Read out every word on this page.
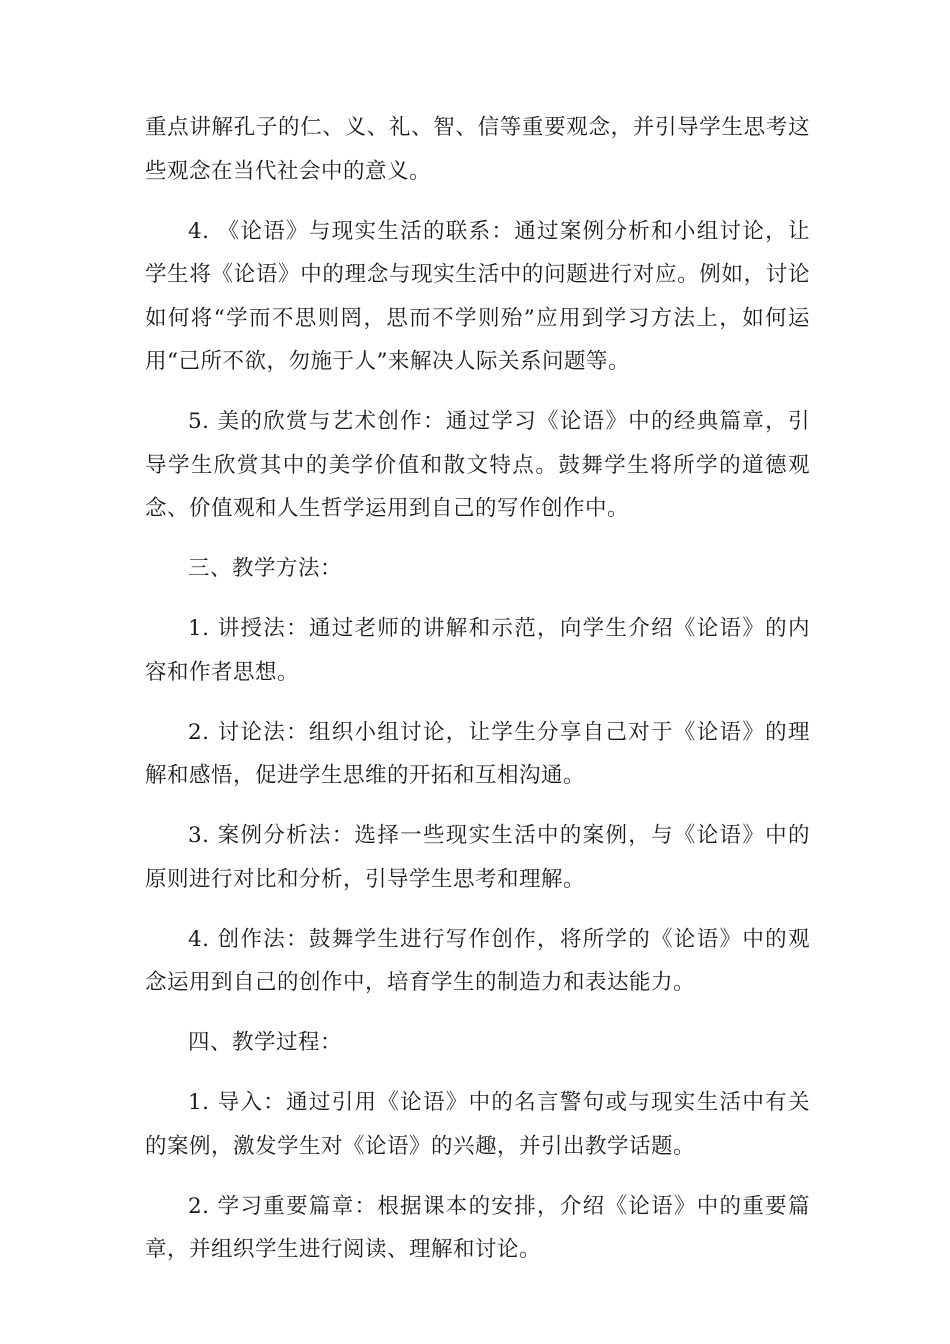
重点讲解孔子的仁、义、礼、智、信等重要观念，并引导学生思考这些观念在当代社会中的意义。

4. 《论语》与现实生活的联系：通过案例分析和小组讨论，让学生将《论语》中的理念与现实生活中的问题进行对应。例如，讨论如何将“学而不思则罔，思而不学则殆”应用到学习方法上，如何运用“己所不欲，勿施于人”来解决人际关系问题等。

5. 美的欣赏与艺术创作：通过学习《论语》中的经典篇章，引导学生欣赏其中的美学价值和散文特点。鼓舞学生将所学的道德观念、价值观和人生哲学运用到自己的写作创作中。

三、教学方法：

1. 讲授法：通过老师的讲解和示范，向学生介绍《论语》的内容和作者思想。

2. 讨论法：组织小组讨论，让学生分享自己对于《论语》的理解和感悟，促进学生思维的开拓和互相沟通。

3. 案例分析法：选择一些现实生活中的案例，与《论语》中的原则进行对比和分析，引导学生思考和理解。

4. 创作法：鼓舞学生进行写作创作，将所学的《论语》中的观念运用到自己的创作中，培育学生的制造力和表达能力。

四、教学过程：

1. 导入：通过引用《论语》中的名言警句或与现实生活中有关的案例，激发学生对《论语》的兴趣，并引出教学话题。

2. 学习重要篇章：根据课本的安排，介绍《论语》中的重要篇章，并组织学生进行阅读、理解和讨论。
